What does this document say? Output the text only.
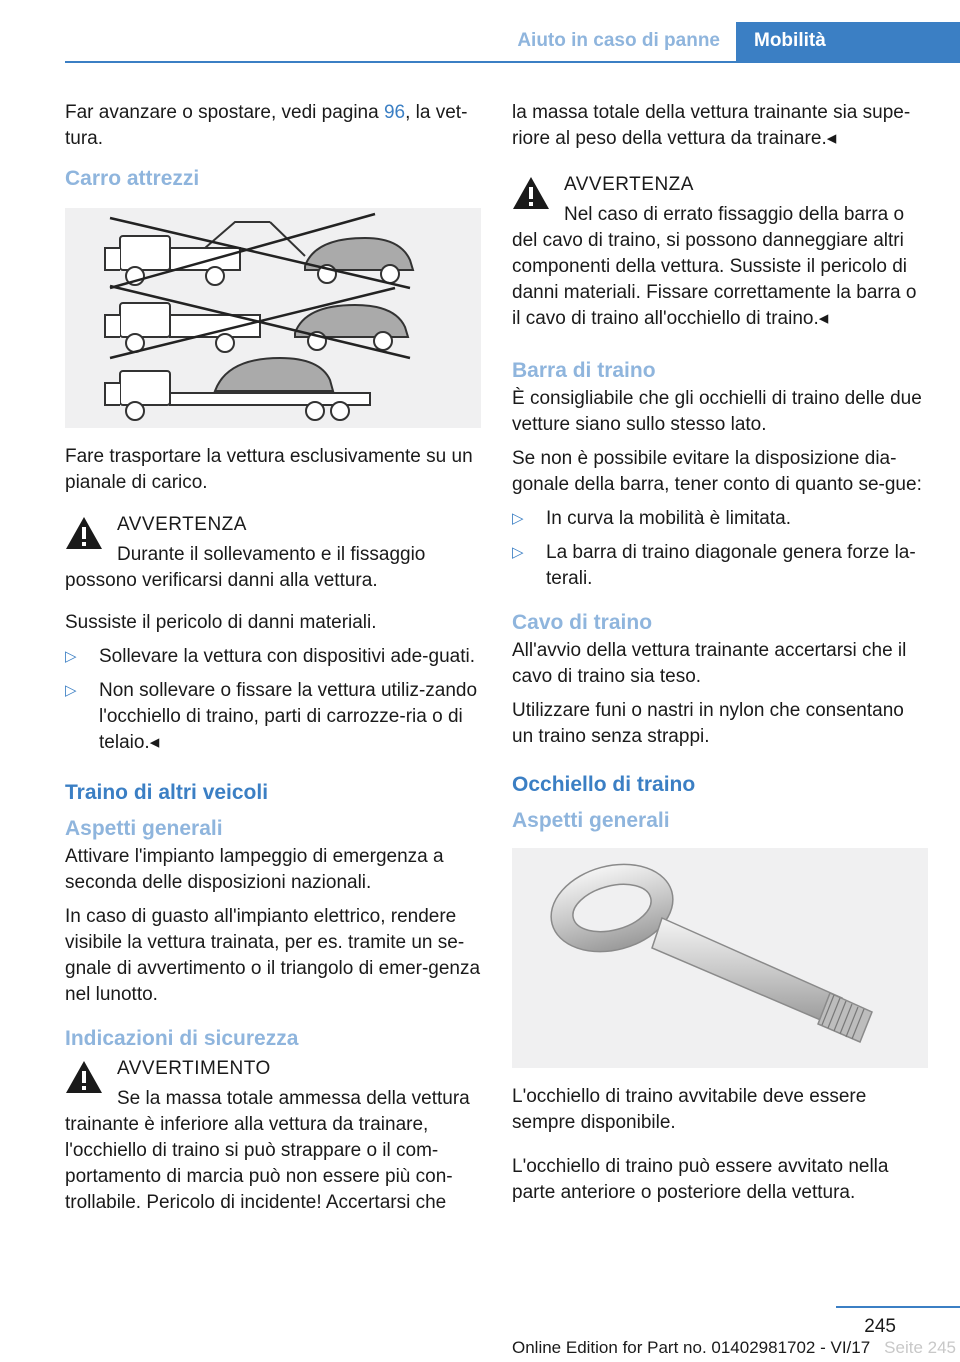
Aiuto in caso di panne	Mobilità

Far avanzare o spostare, vedi pagina 96, la vet‐tura.

Carro attrezzi

Fare trasportare la vettura esclusivamente su un pianale di carico.

AVVERTENZA

Durante il sollevamento e il fissaggio possono verificarsi danni alla vettura.

Sussiste il pericolo di danni materiali.

▷ Sollevare la vettura con dispositivi ade‐guati.
▷ Non sollevare o fissare la vettura utiliz‐zando l'occhiello di traino, parti di carrozze‐ria o di telaio.◂
Traino di altri veicoli
Aspetti generali

Attivare l'impianto lampeggio di emergenza a seconda delle disposizioni nazionali.

In caso di guasto all'impianto elettrico, rendere visibile la vettura trainata, per es. tramite un se‐gnale di avvertimento o il triangolo di emer‐genza nel lunotto.

Indicazioni di sicurezza

AVVERTIMENTO

Se la massa totale ammessa della vettura trainante è inferiore alla vettura da trainare, l'occhiello di traino si può strappare o il com‐portamento di marcia può non essere più con‐trollabile. Pericolo di incidente! Accertarsi che

la massa totale della vettura trainante sia supe‐riore al peso della vettura da trainare.◂

AVVERTENZA

Nel caso di errato fissaggio della barra o del cavo di traino, si possono danneggiare altri componenti della vettura. Sussiste il pericolo di danni materiali. Fissare correttamente la barra o il cavo di traino all'occhiello di traino.◂

Barra di traino

È consigliabile che gli occhielli di traino delle due vetture siano sullo stesso lato.

Se non è possibile evitare la disposizione dia‐gonale della barra, tener conto di quanto se‐gue:

▷ In curva la mobilità è limitata.
▷ La barra di traino diagonale genera forze la‐terali.
Cavo di traino

All'avvio della vettura trainante accertarsi che il cavo di traino sia teso.

Utilizzare funi o nastri in nylon che consentano un traino senza strappi.

Occhiello di traino
Aspetti generali

L'occhiello di traino avvitabile deve essere sempre disponibile.

L'occhiello di traino può essere avvitato nella parte anteriore o posteriore della vettura.

245
Online Edition for Part no. 01402981702 - VI/17 Seite 245
